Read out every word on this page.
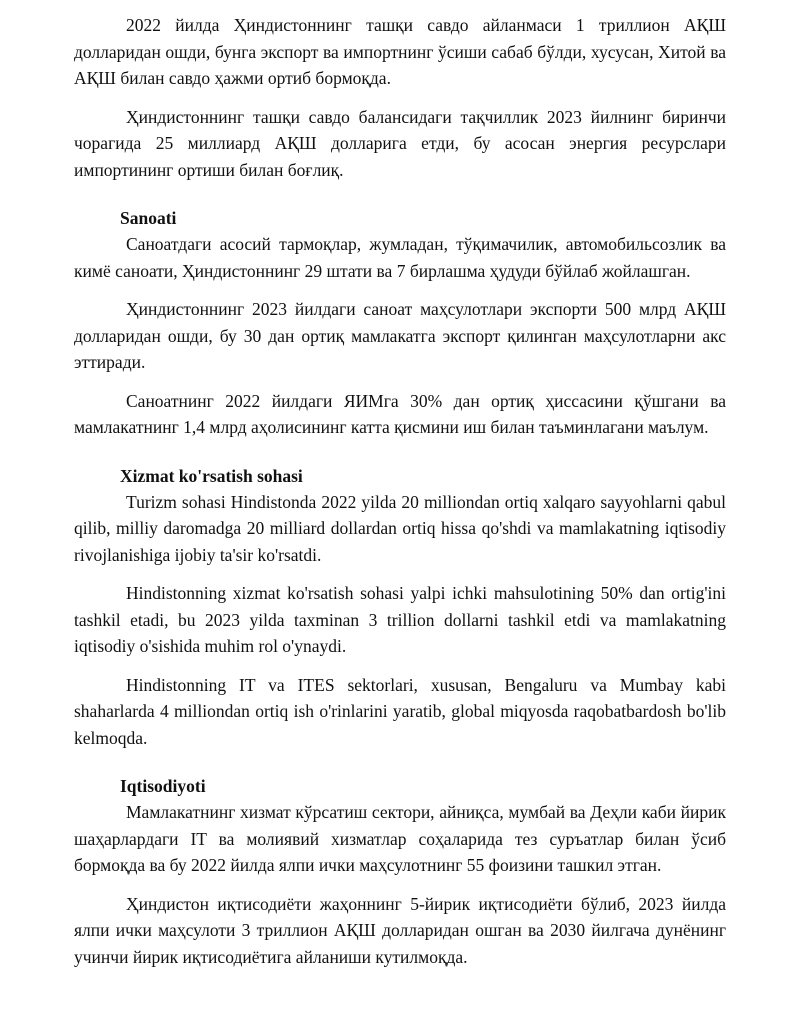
2022 йилда Ҳиндистоннинг ташқи савдо айланмаси 1 триллион АҚШ долларидан ошди, бунга экспорт ва импортнинг ўсиши сабаб бўлди, хусусан, Хитой ва АҚШ билан савдо ҳажми ортиб бормоқда.

Ҳиндистоннинг ташқи савдо балансидаги тақчиллик 2023 йилнинг биринчи чорагида 25 миллиард АҚШ долларига етди, бу асосан энергия ресурслари импортининг ортиши билан боғлиқ.

Sanoati

Саноатдаги асосий тармоқлар, жумладан, тўқимачилик, автомобильсозлик ва кимё саноати, Ҳиндистоннинг 29 штати ва 7 бирлашма ҳудуди бўйлаб жойлашган.

Ҳиндистоннинг 2023 йилдаги саноат маҳсулотлари экспорти 500 млрд АҚШ долларидан ошди, бу 30 дан ортиқ мамлакатга экспорт қилинган маҳсулотларни акс эттиради.

Саноатнинг 2022 йилдаги ЯИМга 30% дан ортиқ ҳиссасини қўшгани ва мамлакатнинг 1,4 млрд аҳолисининг катта қисмини иш билан таъминлагани маълум.

Xizmat ko'rsatish sohasi

Turizm sohasi Hindistonda 2022 yilda 20 milliondan ortiq xalqaro sayyohlarni qabul qilib, milliy daromadga 20 milliard dollardan ortiq hissa qo'shdi va mamlakatning iqtisodiy rivojlanishiga ijobiy ta'sir ko'rsatdi.

Hindistonning xizmat ko'rsatish sohasi yalpi ichki mahsulotining 50% dan ortig'ini tashkil etadi, bu 2023 yilda taxminan 3 trillion dollarni tashkil etdi va mamlakatning iqtisodiy o'sishida muhim rol o'ynaydi.

Hindistonning IT va ITES sektorlari, xususan, Bengaluru va Mumbay kabi shaharlarda 4 milliondan ortiq ish o'rinlarini yaratib, global miqyosda raqobatbardosh bo'lib kelmoqda.

Iqtisodiyoti

Мамлакатнинг хизмат кўрсатиш сектори, айниқса, мумбай ва Деҳли каби йирик шаҳарлардаги IT ва молиявий хизматлар соҳаларида тез суръатлар билан ўсиб бормоқда ва бу 2022 йилда ялпи ички маҳсулотнинг 55 фоизини ташкил этган.

Ҳиндистон иқтисодиёти жаҳоннинг 5-йирик иқтисодиёти бўлиб, 2023 йилда ялпи ички маҳсулоти 3 триллион АҚШ долларидан ошган ва 2030 йилгача дунёнинг учинчи йирик иқтисодиётига айланиши кутилмоқда.
